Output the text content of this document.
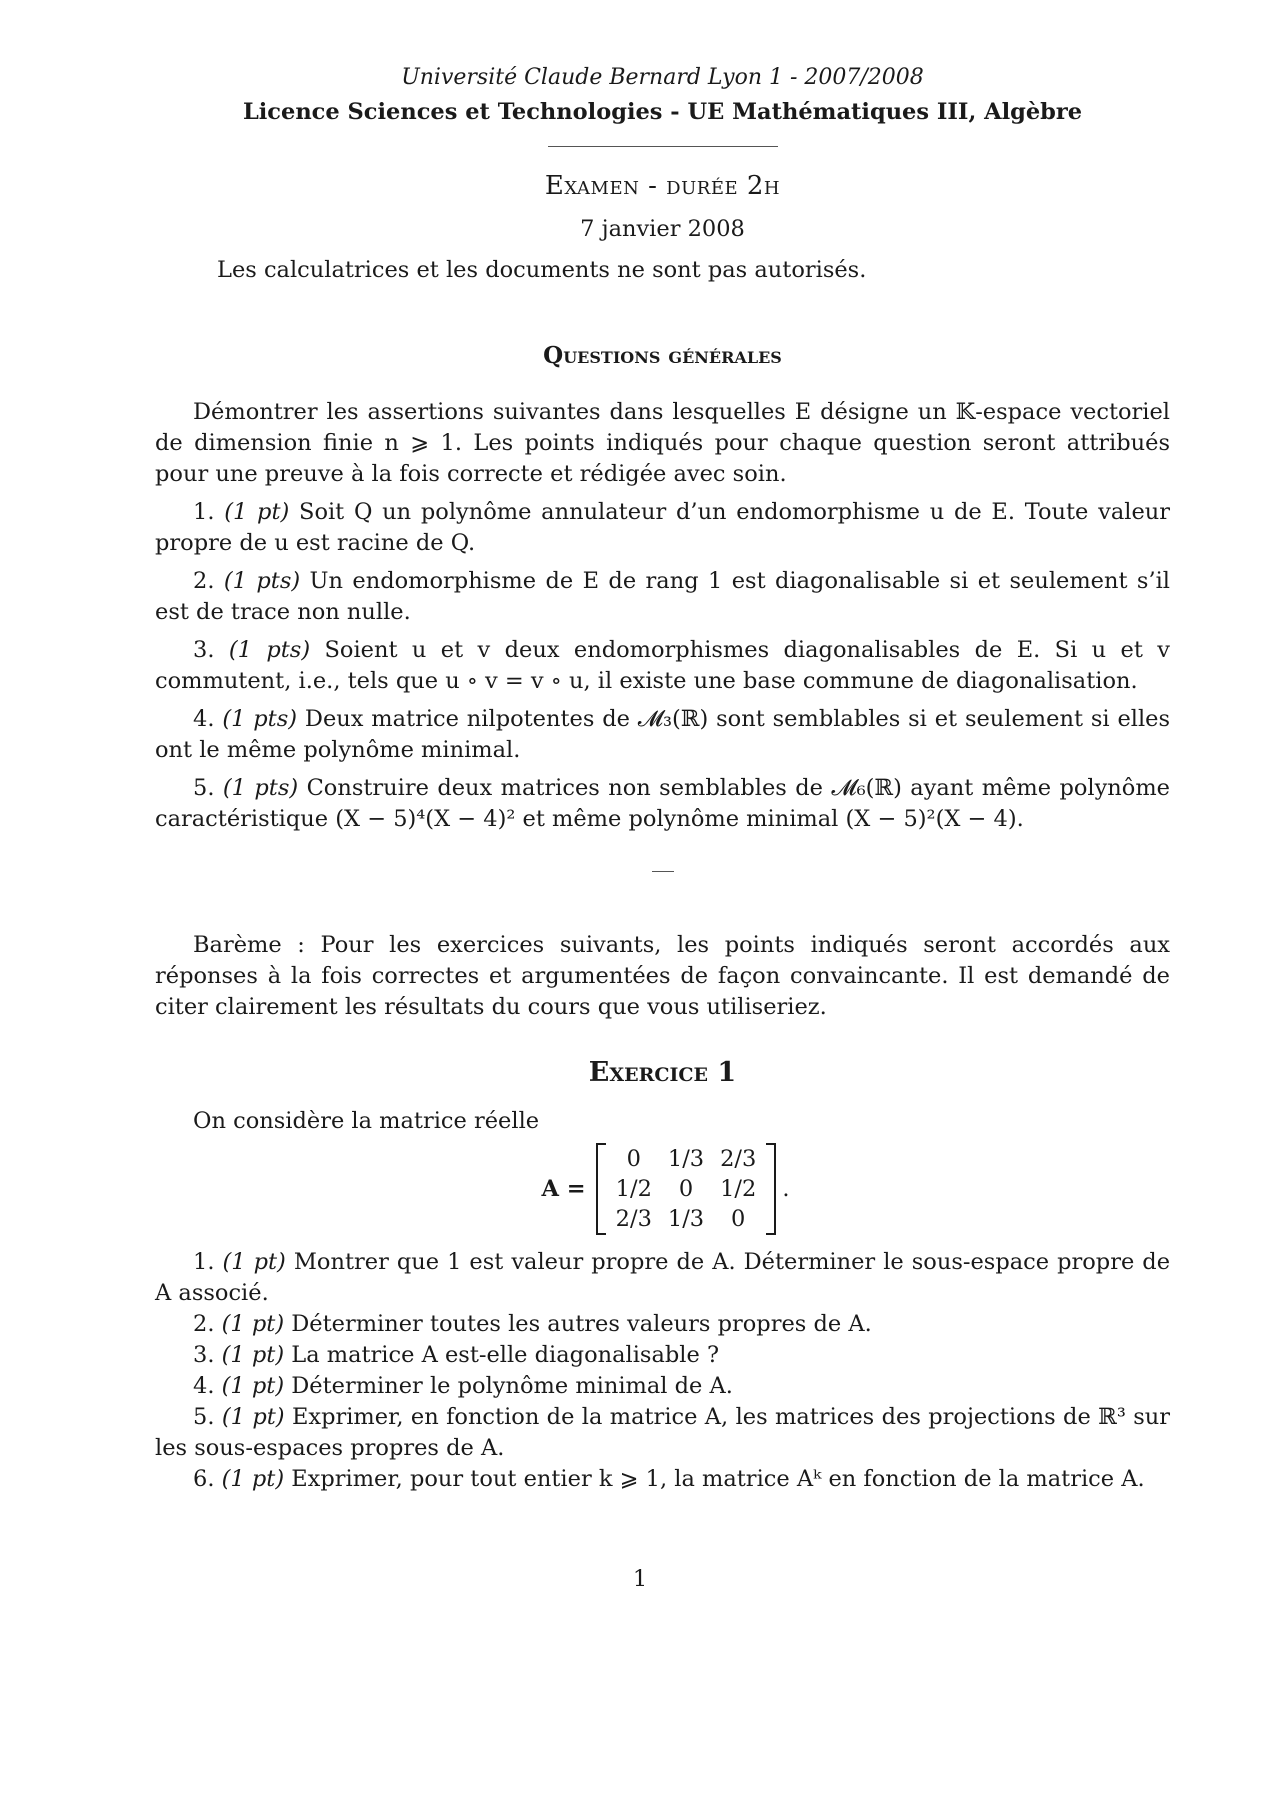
Université Claude Bernard Lyon 1 - 2007/2008
Licence Sciences et Technologies - UE Mathématiques III, Algèbre
Examen - durée 2h
7 janvier 2008
Les calculatrices et les documents ne sont pas autorisés.
Questions générales

Démontrer les assertions suivantes dans lesquelles E désigne un 𝕂-espace vectoriel de dimension finie n ⩾ 1. Les points indiqués pour chaque question seront attribués pour une preuve à la fois correcte et rédigée avec soin.

1. (1 pt) Soit Q un polynôme annulateur d’un endomorphisme u de E. Toute valeur propre de u est racine de Q.

2. (1 pts) Un endomorphisme de E de rang 1 est diagonalisable si et seulement s’il est de trace non nulle.

3. (1 pts) Soient u et v deux endomorphismes diagonalisables de E. Si u et v commutent, i.e., tels que u ∘ v = v ∘ u, il existe une base commune de diagonalisation.

4. (1 pts) Deux matrice nilpotentes de 𝓜₃(ℝ) sont semblables si et seulement si elles ont le même polynôme minimal.

5. (1 pts) Construire deux matrices non semblables de 𝓜₆(ℝ) ayant même polynôme caractéristique (X − 5)⁴(X − 4)² et même polynôme minimal (X − 5)²(X − 4).

Barème : Pour les exercices suivants, les points indiqués seront accordés aux réponses à la fois correctes et argumentées de façon convaincante. Il est demandé de citer clairement les résultats du cours que vous utiliseriez.

Exercice 1

On considère la matrice réelle

A =
0	1/3	2/3
1/2	0	1/2
2/3	1/3	0
.

1. (1 pt) Montrer que 1 est valeur propre de A. Déterminer le sous-espace propre de A associé.

2. (1 pt) Déterminer toutes les autres valeurs propres de A.

3. (1 pt) La matrice A est-elle diagonalisable ?

4. (1 pt) Déterminer le polynôme minimal de A.

5. (1 pt) Exprimer, en fonction de la matrice A, les matrices des projections de ℝ³ sur les sous-espaces propres de A.

6. (1 pt) Exprimer, pour tout entier k ⩾ 1, la matrice Aᵏ en fonction de la matrice A.

1
